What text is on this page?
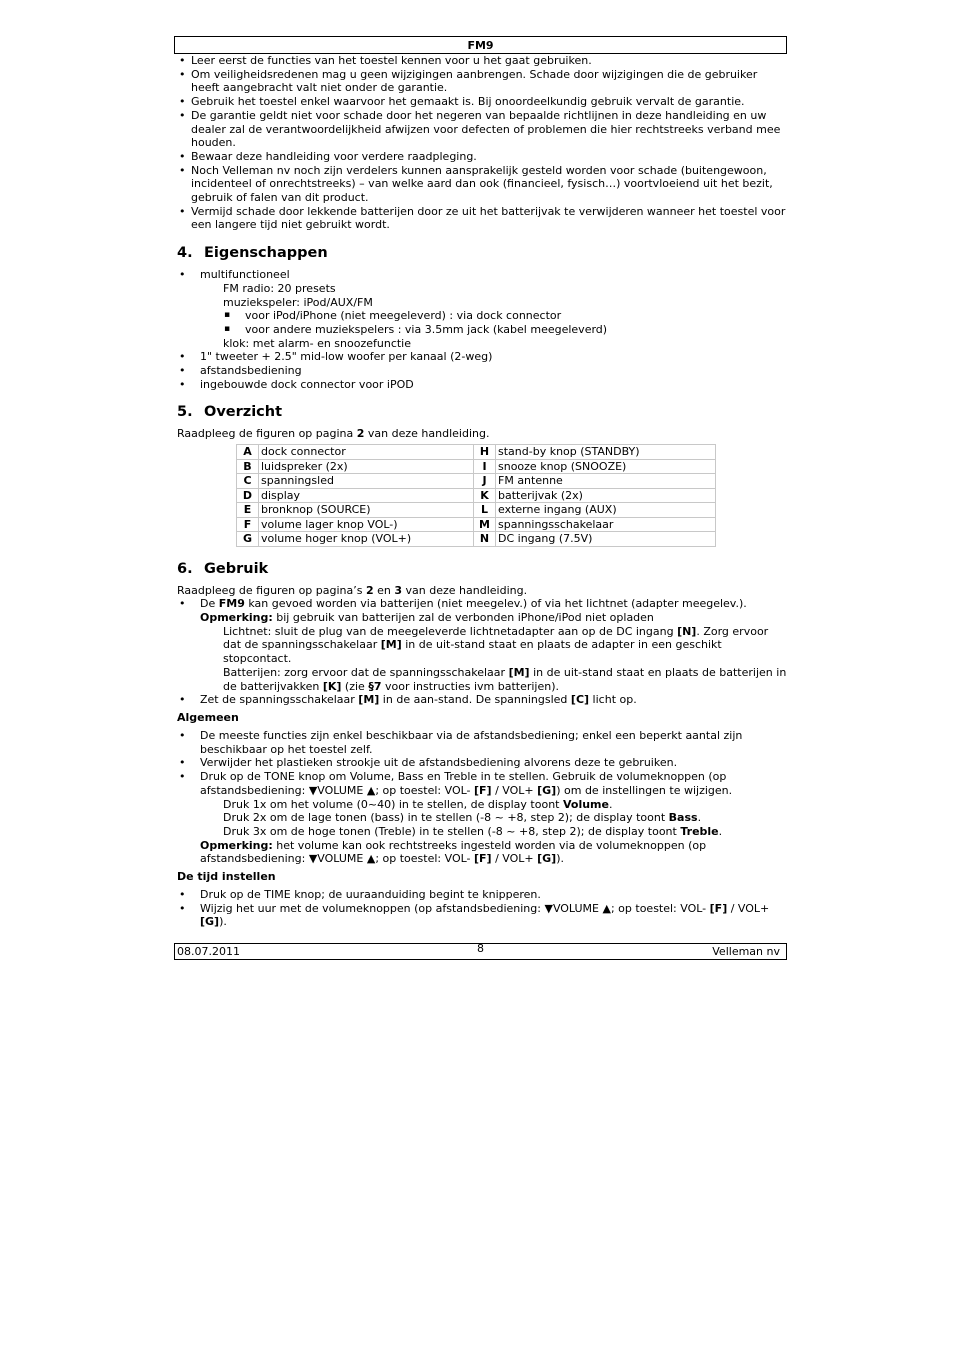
FM9
• Leer eerst de functies van het toestel kennen voor u het gaat gebruiken.
• Om veiligheidsredenen mag u geen wijzigingen aanbrengen. Schade door wijzigingen die de gebruiker heeft aangebracht valt niet onder de garantie.
• Gebruik het toestel enkel waarvoor het gemaakt is. Bij onoordeelkundig gebruik vervalt de garantie.
• De garantie geldt niet voor schade door het negeren van bepaalde richtlijnen in deze handleiding en uw dealer zal de verantwoordelijkheid afwijzen voor defecten of problemen die hier rechtstreeks verband mee houden.
• Bewaar deze handleiding voor verdere raadpleging.
• Noch Velleman nv noch zijn verdelers kunnen aansprakelijk gesteld worden voor schade (buitengewoon, incidenteel of onrechtstreeks) – van welke aard dan ook (financieel, fysisch…) voortvloeiend uit het bezit, gebruik of falen van dit product.
• Vermijd schade door lekkende batterijen door ze uit het batterijvak te verwijderen wanneer het toestel voor een langere tijd niet gebruikt wordt.
4. Eigenschappen
• multifunctioneel
FM radio: 20 presets
muziekspeler: iPod/AUX/FM
▪ voor iPod/iPhone (niet meegeleverd) : via dock connector
▪ voor andere muziekspelers : via 3.5mm jack (kabel meegeleverd)
klok: met alarm- en snoozefunctie
• 1" tweeter + 2.5" mid-low woofer per kanaal (2-weg)
• afstandsbediening
• ingebouwde dock connector voor iPOD
5. Overzicht

Raadpleeg de figuren op pagina 2 van deze handleiding.

A	dock connector	H	stand-by knop (STANDBY)
B	luidspreker (2x)	I	snooze knop (SNOOZE)
C	spanningsled	J	FM antenne
D	display	K	batterijvak (2x)
E	bronknop (SOURCE)	L	externe ingang (AUX)
F	volume lager knop VOL-)	M	spanningsschakelaar
G	volume hoger knop (VOL+)	N	DC ingang (7.5V)
6. Gebruik

Raadpleeg de figuren op pagina’s 2 en 3 van deze handleiding.

• De FM9 kan gevoed worden via batterijen (niet meegelev.) of via het lichtnet (adapter meegelev.).
Opmerking: bij gebruik van batterijen zal de verbonden iPhone/iPod niet opladen
Lichtnet: sluit de plug van de meegeleverde lichtnetadapter aan op de DC ingang [N]. Zorg ervoor dat de spanningsschakelaar [M] in de uit-stand staat en plaats de adapter in een geschikt stopcontact.
Batterijen: zorg ervoor dat de spanningsschakelaar [M] in de uit-stand staat en plaats de batterijen in de batterijvakken [K] (zie §7 voor instructies ivm batterijen).
• Zet de spanningsschakelaar [M] in de aan-stand. De spanningsled [C] licht op.
Algemeen
• De meeste functies zijn enkel beschikbaar via de afstandsbediening; enkel een beperkt aantal zijn beschikbaar op het toestel zelf.
• Verwijder het plastieken strookje uit de afstandsbediening alvorens deze te gebruiken.
• Druk op de TONE knop om Volume, Bass en Treble in te stellen. Gebruik de volumeknoppen (op afstandsbediening: ▼VOLUME ▲; op toestel: VOL- [F] / VOL+ [G]) om de instellingen te wijzigen.
Druk 1x om het volume (0~40) in te stellen, de display toont Volume.
Druk 2x om de lage tonen (bass) in te stellen (-8 ~ +8, step 2); de display toont Bass.
Druk 3x om de hoge tonen (Treble) in te stellen (-8 ~ +8, step 2); de display toont Treble.
Opmerking: het volume kan ook rechtstreeks ingesteld worden via de volumeknoppen (op afstandsbediening: ▼VOLUME ▲; op toestel: VOL- [F] / VOL+ [G]).
De tijd instellen
• Druk op de TIME knop; de uuraanduiding begint te knipperen.
• Wijzig het uur met de volumeknoppen (op afstandsbediening: ▼VOLUME ▲; op toestel: VOL- [F] / VOL+ [G]).
08.07.2011	8	Velleman nv
